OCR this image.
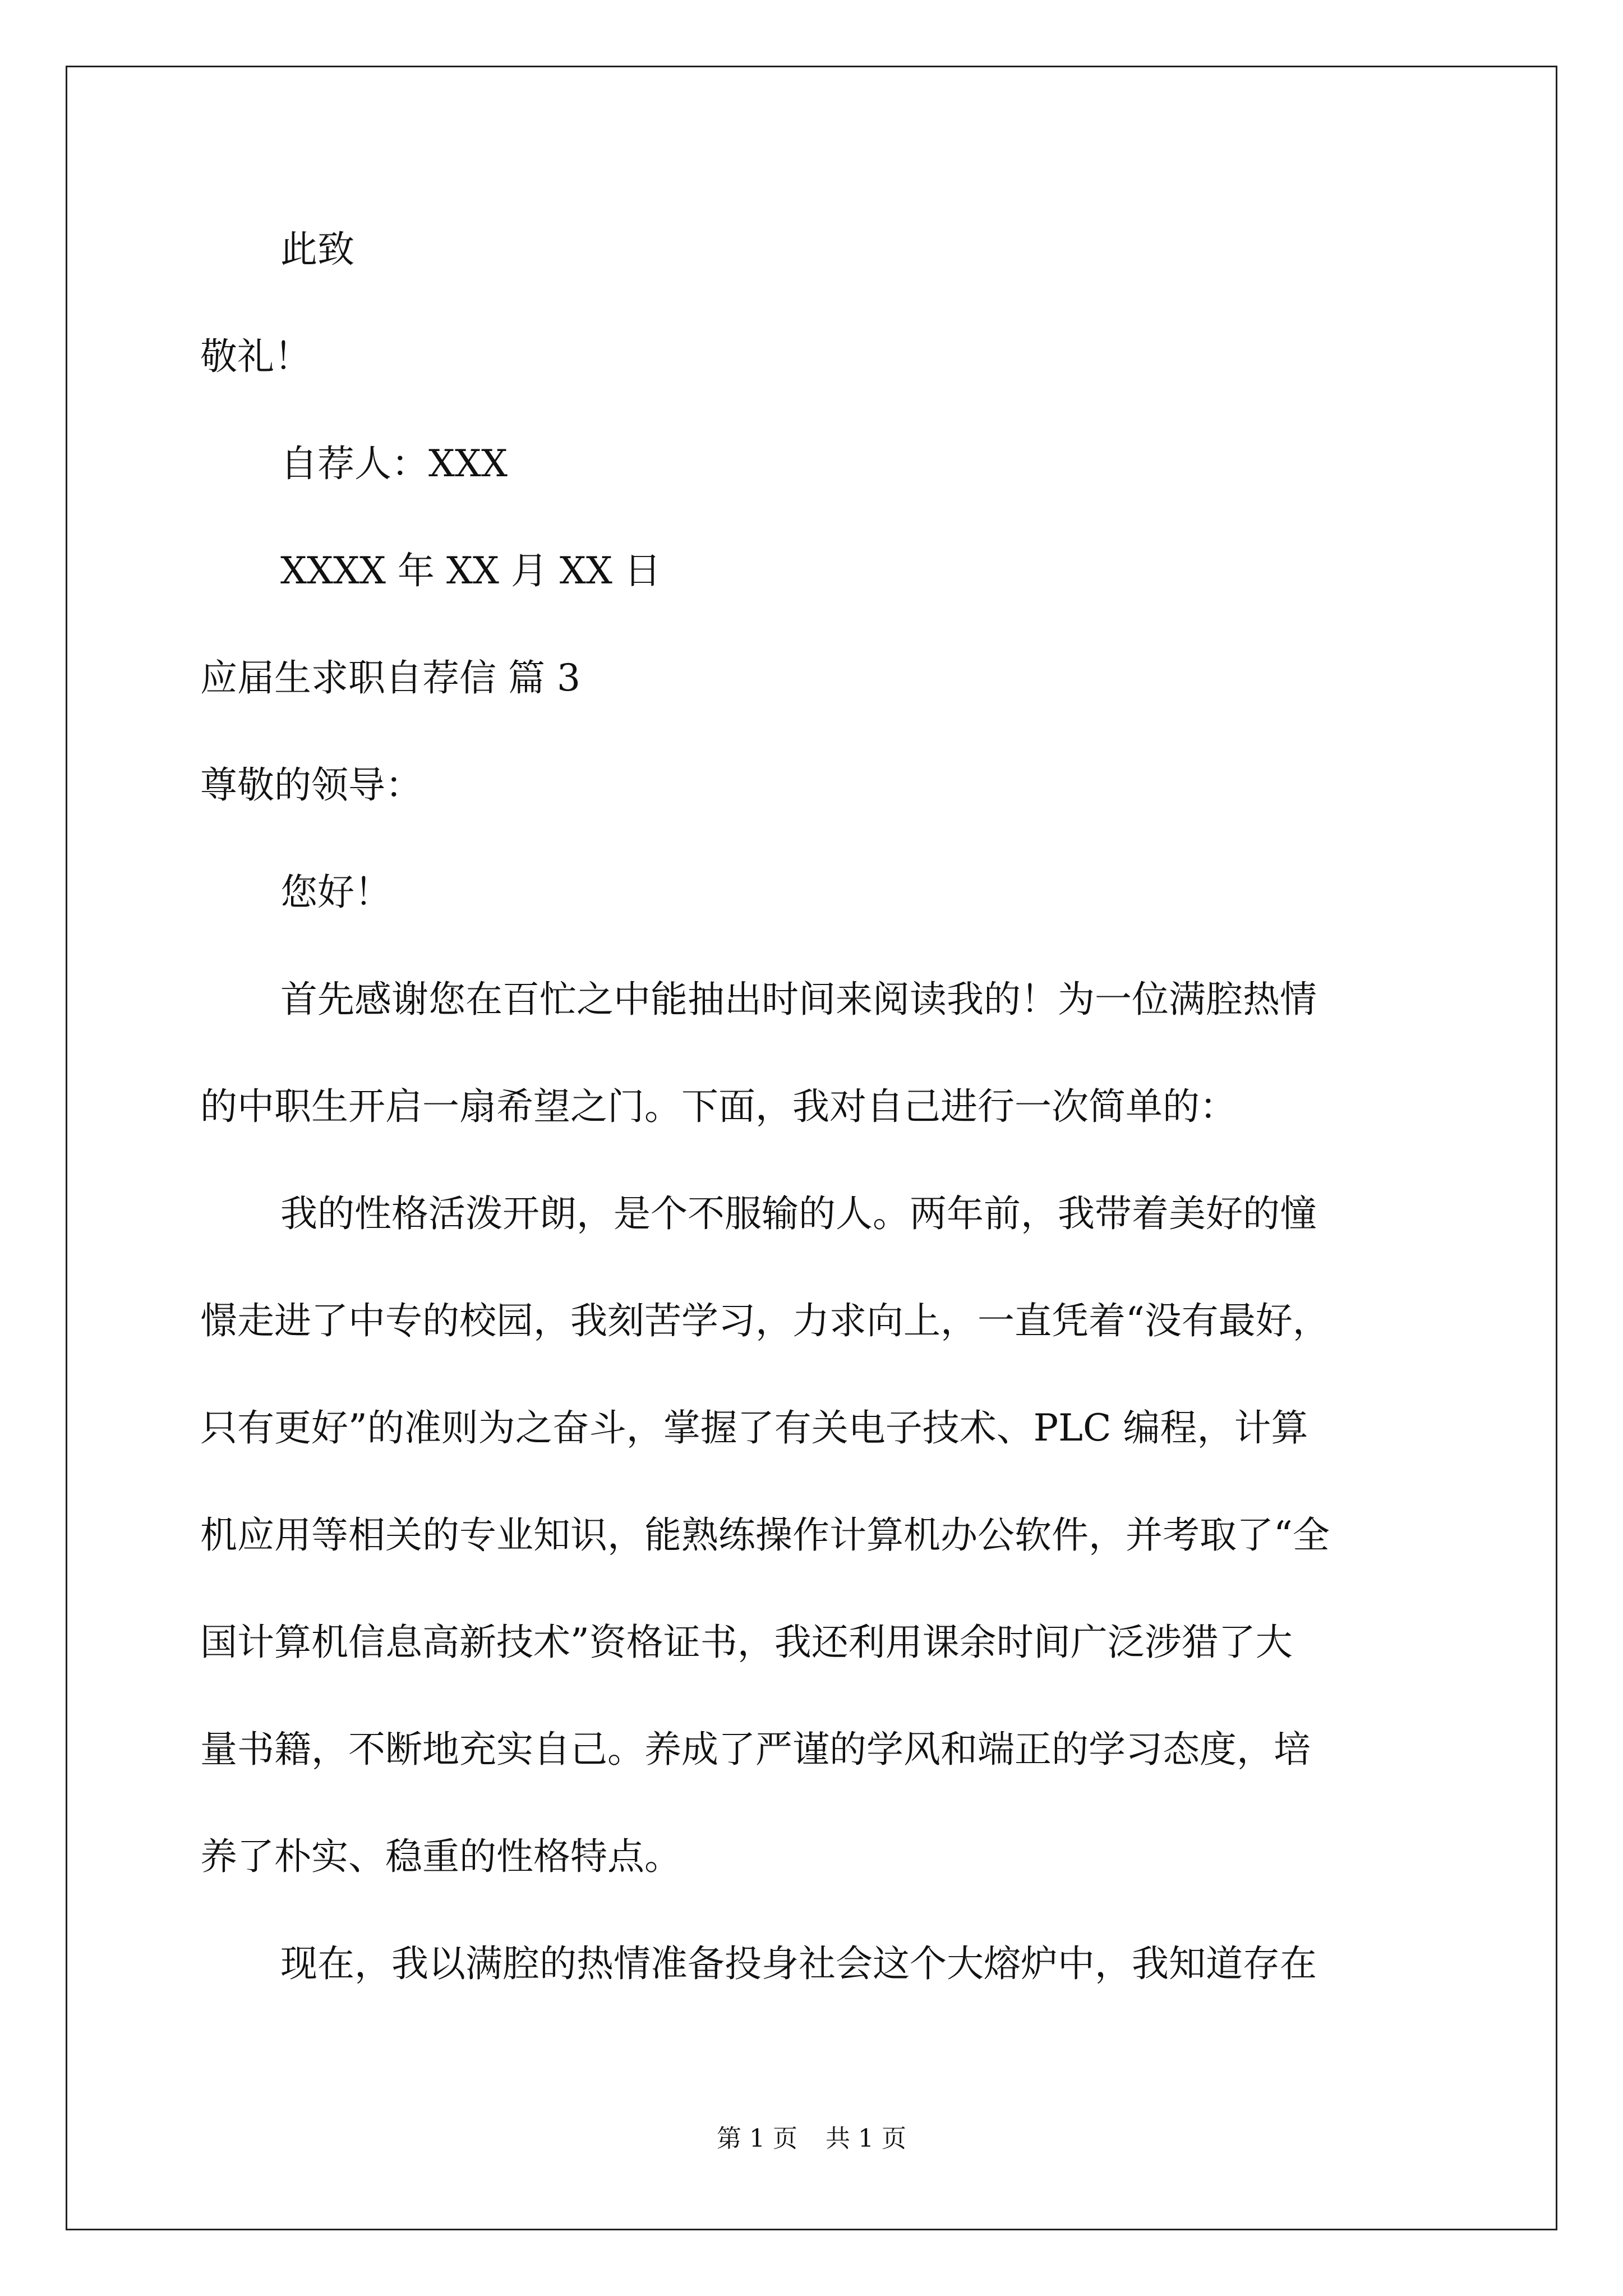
此致
敬礼！
自荐人：XXX
XXXX 年 XX 月 XX 日
应届生求职自荐信 篇 3
尊敬的领导：
您好！
首先感谢您在百忙之中能抽出时间来阅读我的！为一位满腔热情
的中职生开启一扇希望之门。下面，我对自己进行一次简单的：
我的性格活泼开朗，是个不服输的人。两年前，我带着美好的憧
憬走进了中专的校园，我刻苦学习，力求向上，一直凭着“没有最好，
只有更好”的准则为之奋斗，掌握了有关电子技术、PLC 编程，计算
机应用等相关的专业知识，能熟练操作计算机办公软件，并考取了“全
国计算机信息高新技术”资格证书，我还利用课余时间广泛涉猎了大
量书籍，不断地充实自己。养成了严谨的学风和端正的学习态度，培
养了朴实、稳重的性格特点。
现在，我以满腔的热情准备投身社会这个大熔炉中，我知道存在
第 1 页 共 1 页
